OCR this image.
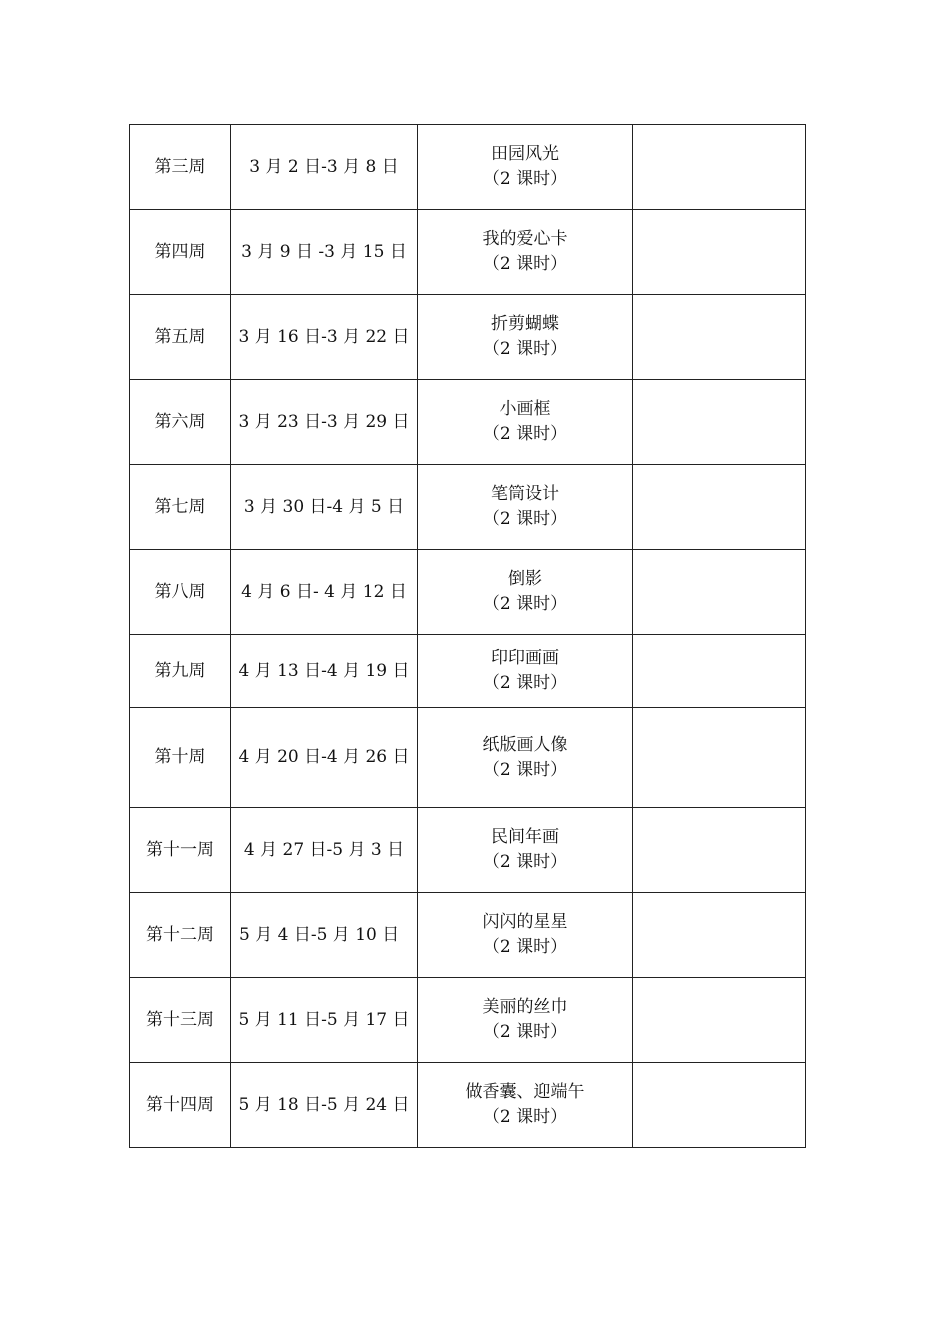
第三周	3 月 2 日-3 月 8 日	田园风光
（2 课时）	

第四周	3 月 9 日 -3 月 15 日	我的爱心卡
（2 课时）	

第五周	3 月 16 日-3 月 22 日	折剪蝴蝶
（2 课时）	

第六周	3 月 23 日-3 月 29 日	小画框
（2 课时）	

第七周	3 月 30 日-4 月 5 日	笔筒设计
（2 课时）	

第八周	4 月 6 日- 4 月 12 日	倒影
（2 课时）	

第九周	4 月 13 日-4 月 19 日	印印画画
（2 课时）	

第十周	4 月 20 日-4 月 26 日	纸版画人像
（2 课时）	

第十一周	4 月 27 日-5 月 3 日	民间年画
（2 课时）	

第十二周	5 月 4 日-5 月 10 日	闪闪的星星
（2 课时）	

第十三周	5 月 11 日-5 月 17 日	美丽的丝巾
（2 课时）	

第十四周	5 月 18 日-5 月 24 日	做香囊、迎端午
（2 课时）	
